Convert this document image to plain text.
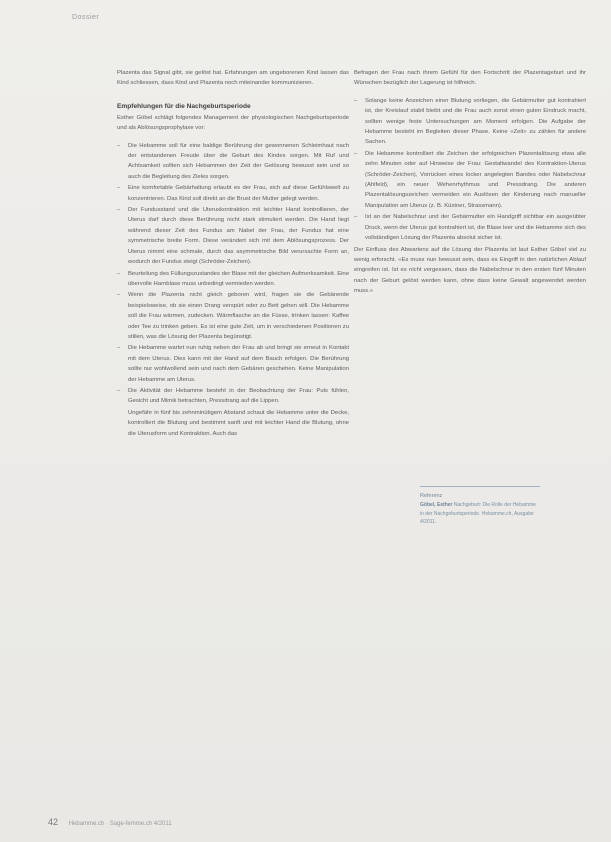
Dossier

Plazenta das Signal gibt, sie gelöst hat. Erfahrungen am ungeborenen Kind lassen das Kind schliessen, dass Kind und Plazenta noch miteinander kommunizieren.

Empfehlungen für die Nachgeburtsperiode

Esther Göbel schlägt folgendes Management der physiologischen Nachgeburtsperiode und als Ablösungsprophylaxe vor:

– Die Hebamme soll für eine baldige Berührung der gewonnenen Schleimhaut nach der entstandenen Freude über die Geburt des Kindes sorgen. Mit Ruf und Achtsamkeit sollten sich Hebammen der Zeit der Gelösung bewusst sein und so auch die Begleitung des Zieles sorgen.
– Eine komfortable Gebärhaltung erlaubt es der Frau, sich auf diese Gefühlswelt zu konzentrieren. Das Kind soll direkt an die Brust der Mutter gelegt werden.
– Der Fundusstand und die Uteruskontraktion mit leichter Hand kontrollieren, der Uterus darf durch diese Berührung nicht stark stimuliert werden. Die Hand liegt während dieser Zeit des Fundus am Nabel der Frau, der Fundus hat eine symmetrische breite Form. Diese verändert sich mit dem Ablösungsprozess. Der Uterus nimmt eine schmale, durch das asymmetrische Bild verursachte Form an, wodurch der Fundus steigt (Schröder-Zeichen).
– Beurteilung des Füllungszustandes der Blase mit der gleichen Aufmerksamkeit. Eine übervolle Harnblase muss unbedingt vermieden werden.
– Wenn die Plazenta nicht gleich geboren wird, fragen sie die Gebärende beispielsweise, ob sie einen Drang verspürt oder zu Bett gehen will. Die Hebamme soll die Frau wärmen, zudecken. Wärmflasche an die Füsse, trinken lassen: Kaffee oder Tee zu trinken geben. Es ist eine gute Zeit, um in verschiedenen Positionen zu stillen, was die Lösung der Plazenta begünstigt.
– Die Hebamme wartet nun ruhig neben der Frau ab und bringt sie erneut in Kontakt mit dem Uterus. Dies kann mit der Hand auf dem Bauch erfolgen. Die Berührung sollte nur wohlwollend sein und nach dem Gebären geschehen. Keine Manipulation der Hebamme am Uterus.
– Die Aktivität der Hebamme besteht in der Beobachtung der Frau: Puls fühlen, Gesicht und Mimik betrachten, Pressdrang auf die Lippen.
Ungefähr in fünf bis zehnminütigem Abstand schaut die Hebamme unter die Decke, kontrolliert die Blutung und bestimmt sanft und mit leichter Hand die Blutung, ohne die Uterusform und Kontraktion. Auch das

Befragen der Frau nach ihrem Gefühl für den Fortschritt der Plazentageburt und ihr Wünschen bezüglich der Lagerung ist hilfreich.

– Solange keine Anzeichen einer Blutung vorliegen, die Gebärmutter gut kontrahiert ist, der Kreislauf stabil bleibt und die Frau auch sonst einen guten Eindruck macht, sollten wenige feste Untersuchungen am Moment erfolgen. Die Aufgabe der Hebamme besteht im Begleiten dieser Phase. Keine «Zeit» zu zählen für andere Sachen.
– Die Hebamme kontrolliert die Zeichen der erfolgreichen Plazentalösung etwa alle zehn Minuten oder auf Hinweise der Frau: Gestaltwandel des Kontraktion-Uterus (Schröder-Zeichen), Vorrücken eines locker angelegten Bandes oder Nabelschnur (Ahlfeld), ein neuer Wehenrhythmus und Pressdrang. Die anderen Plazentalösungszeichen vermeiden ein Auslösen der Kinderung nach manueller Manipulation am Uterus (z. B. Küstner, Strassmann).
– Ist an der Nabelschnur und der Gebärmutter ein Handgriff sichtbar ein ausgeübter Druck, wenn der Uterus gut kontrahiert ist, die Blase leer und die Hebamme sich des vollständigen Lösung der Plazenta absolut sicher ist.

Der Einfluss des Abwartens auf die Lösung der Plazenta ist laut Esther Göbel viel zu wenig erforscht. «Es muss nun bewusst sein, dass es Eingriff in den natürlichen Ablauf eingreifen ist. Ist es nicht vergessen, dass die Nabelschnur in den ersten fünf Minuten nach der Geburt gelöst werden kann, ohne dass keine Gewalt angewendet werden muss.»

Referenz
Göbel, Esther Nachgeburt: Die Rolle der Hebamme in der Nachgeburtsperiode. Hebamme.ch, Ausgabe 4/2011.
42 Hebamme.ch · Sage-femme.ch 4/2011
